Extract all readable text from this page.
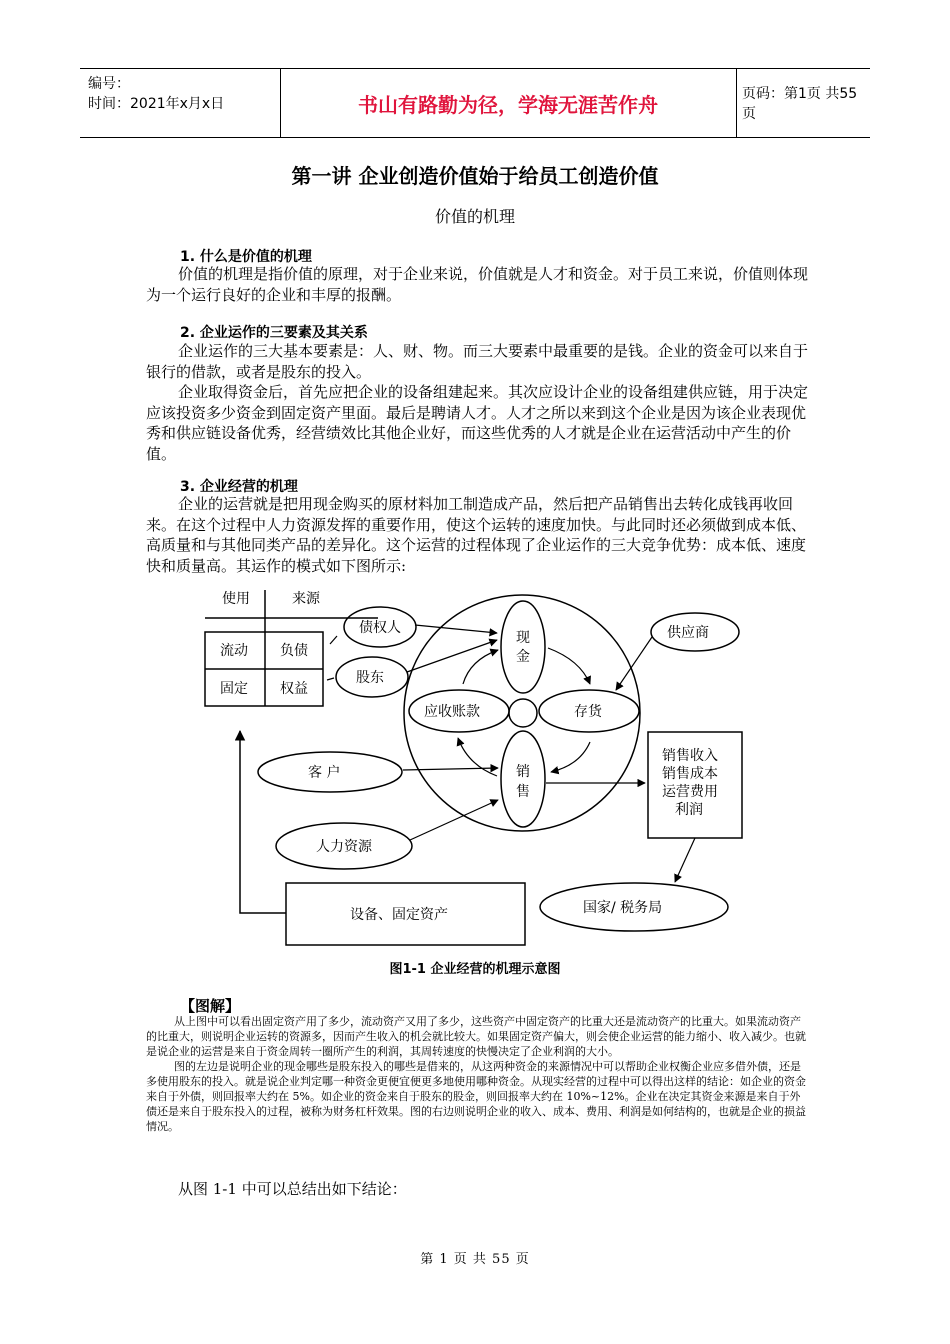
编号：
时间：2021年x月x日	书山有路勤为径，学海无涯苦作舟	页码：第1页 共55页
第一讲 企业创造价值始于给员工创造价值
价值的机理
1. 什么是价值的机理

价值的机理是指价值的原理，对于企业来说，价值就是人才和资金。对于员工来说，价值则体现为一个运行良好的企业和丰厚的报酬。

2. 企业运作的三要素及其关系

企业运作的三大基本要素是：人、财、物。而三大要素中最重要的是钱。企业的资金可以来自于银行的借款，或者是股东的投入。

企业取得资金后，首先应把企业的设备组建起来。其次应设计企业的设备组建供应链，用于决定应该投资多少资金到固定资产里面。最后是聘请人才。人才之所以来到这个企业是因为该企业表现优秀和供应链设备优秀，经营绩效比其他企业好，而这些优秀的人才就是企业在运营活动中产生的价值。

3. 企业经营的机理

企业的运营就是把用现金购买的原材料加工制造成产品，然后把产品销售出去转化成钱再收回来。在这个过程中人力资源发挥的重要作用，使这个运转的速度加快。与此同时还必须做到成本低、高质量和与其他同类产品的差异化。这个运营的过程体现了企业运作的三大竞争优势：成本低、速度快和质量高。其运作的模式如下图所示:

使用	来源
流动 负债
固定 权益
债权人
股东
供应商
应收账款	存货
客 户
人力资源
设备、固定资产	国家/ 税务局
销售收入
销售成本
运营费用
利润
现
金
销
售
图1-1 企业经营的机理示意图
【图解】

从上图中可以看出固定资产用了多少，流动资产又用了多少，这些资产中固定资产的比重大还是流动资产的比重大。如果流动资产的比重大，则说明企业运转的资源多，因而产生收入的机会就比较大。如果固定资产偏大，则会使企业运营的能力缩小、收入减少。也就是说企业的运营是来自于资金周转一圈所产生的利润，其周转速度的快慢决定了企业利润的大小。

图的左边是说明企业的现金哪些是股东投入的哪些是借来的，从这两种资金的来源情况中可以帮助企业权衡企业应多借外债，还是多使用股东的投入。就是说企业判定哪一种资金更便宜便更多地使用哪种资金。从现实经营的过程中可以得出这样的结论：如企业的资金来自于外债，则回报率大约在 5%。如企业的资金来自于股东的股金，则回报率大约在 10%~12%。企业在决定其资金来源是来自于外债还是来自于股东投入的过程，被称为财务杠杆效果。图的右边则说明企业的收入、成本、费用、利润是如何结构的，也就是企业的损益情况。

从图 1-1 中可以总结出如下结论：
第 1 页 共 55 页
